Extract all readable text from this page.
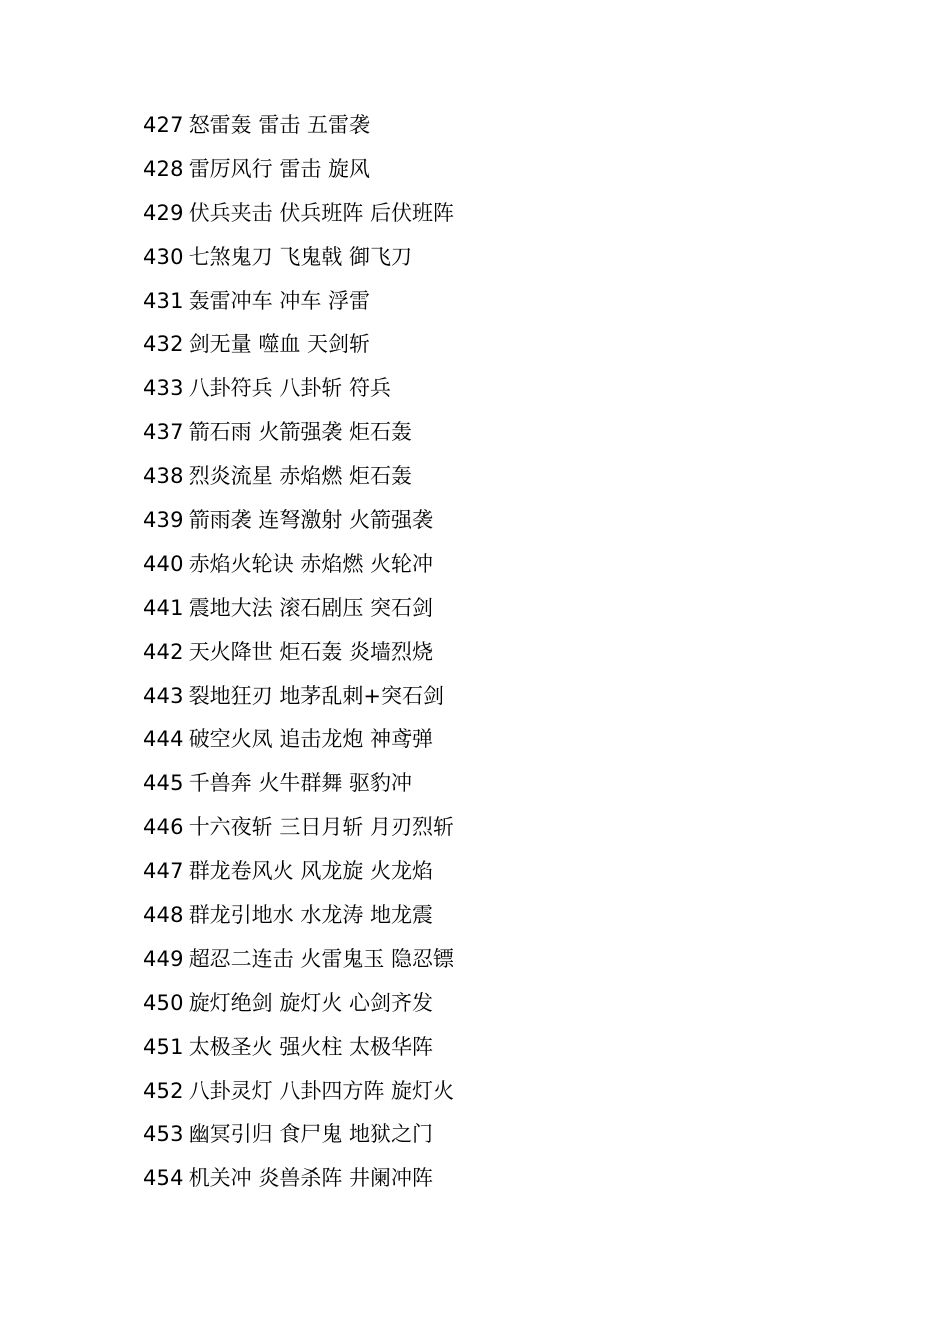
427 怒雷轰 雷击 五雷袭
428 雷厉风行 雷击 旋风
429 伏兵夹击 伏兵班阵 后伏班阵
430 七煞鬼刀 飞鬼戟 御飞刀
431 轰雷冲车 冲车 浮雷
432 剑无量 噬血 天剑斩
433 八卦符兵 八卦斩 符兵
437 箭石雨 火箭强袭 炬石轰
438 烈炎流星 赤焰燃 炬石轰
439 箭雨袭 连弩激射 火箭强袭
440 赤焰火轮诀 赤焰燃 火轮冲
441 震地大法 滚石剧压 突石剑
442 天火降世 炬石轰 炎墙烈烧
443 裂地狂刃 地茅乱刺+突石剑
444 破空火凤 追击龙炮 神鸢弹
445 千兽奔 火牛群舞 驱豹冲
446 十六夜斩 三日月斩 月刃烈斩
447 群龙卷风火 风龙旋 火龙焰
448 群龙引地水 水龙涛 地龙震
449 超忍二连击 火雷鬼玉 隐忍镖
450 旋灯绝剑 旋灯火 心剑齐发
451 太极圣火 强火柱 太极华阵
452 八卦灵灯 八卦四方阵 旋灯火
453 幽冥引归 食尸鬼 地狱之门
454 机关冲 炎兽杀阵 井阑冲阵
